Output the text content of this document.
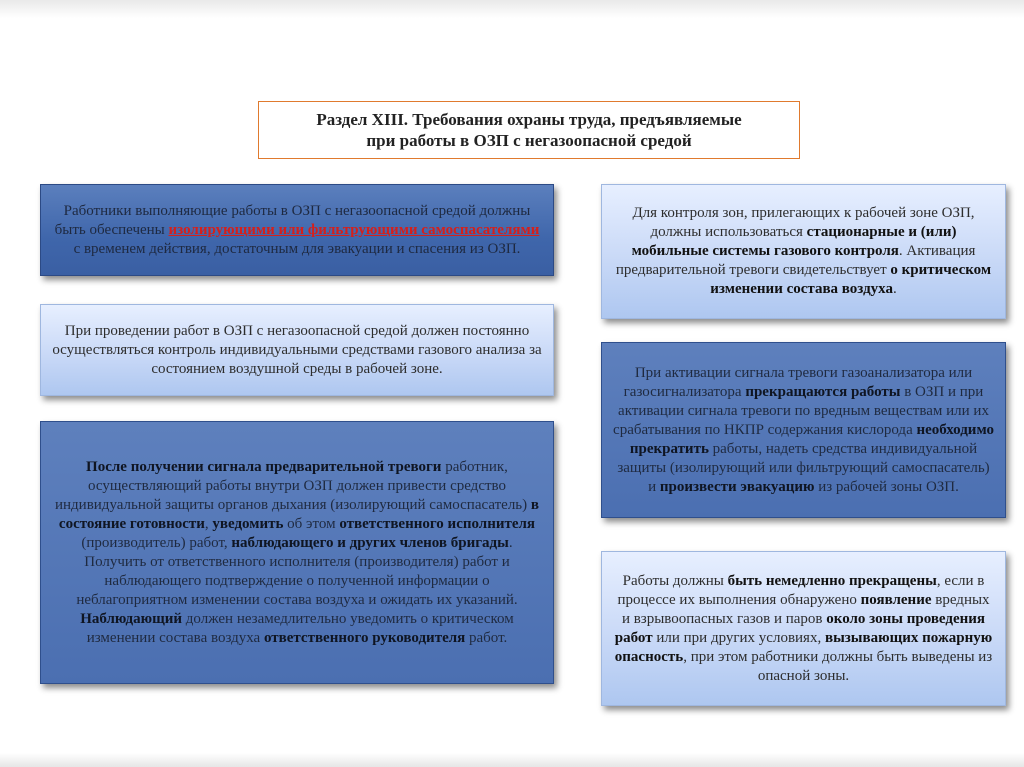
Раздел XIII. Требования охраны труда, предъявляемые
при работы в ОЗП с негазоопасной средой

Работники выполняющие работы в ОЗП с негазоопасной средой должны быть обеспечены изолирующими или фильтрующими самоспасателями с временем действия, достаточным для эвакуации и спасения из ОЗП.

При проведении работ в ОЗП с негазоопасной средой должен постоянно осуществляться контроль индивидуальными средствами газового анализа за состоянием воздушной среды в рабочей зоне.

После получении сигнала предварительной тревоги работник, осуществляющий работы внутри ОЗП должен привести средство индивидуальной защиты органов дыхания (изолирующий самоспасатель) в состояние готовности, уведомить об этом ответственного исполнителя (производитель) работ, наблюдающего и других членов бригады. Получить от ответственного исполнителя (производителя) работ и наблюдающего подтверждение о полученной информации о неблагоприятном изменении состава воздуха и ожидать их указаний. Наблюдающий должен незамедлительно уведомить о критическом изменении состава воздуха ответственного руководителя работ.

Для контроля зон, прилегающих к рабочей зоне ОЗП, должны использоваться стационарные и (или) мобильные системы газового контроля. Активация предварительной тревоги свидетельствует о критическом изменении состава воздуха.

При активации сигнала тревоги газоанализатора или газосигнализатора прекращаются работы в ОЗП и при активации сигнала тревоги по вредным веществам или их срабатывания по НКПР содержания кислорода необходимо прекратить работы, надеть средства индивидуальной защиты (изолирующий или фильтрующий самоспасатель) и произвести эвакуацию из рабочей зоны ОЗП.

Работы должны быть немедленно прекращены, если в процессе их выполнения обнаружено появление вредных и взрывоопасных газов и паров около зоны проведения работ или при других условиях, вызывающих пожарную опасность, при этом работники должны быть выведены из опасной зоны.
